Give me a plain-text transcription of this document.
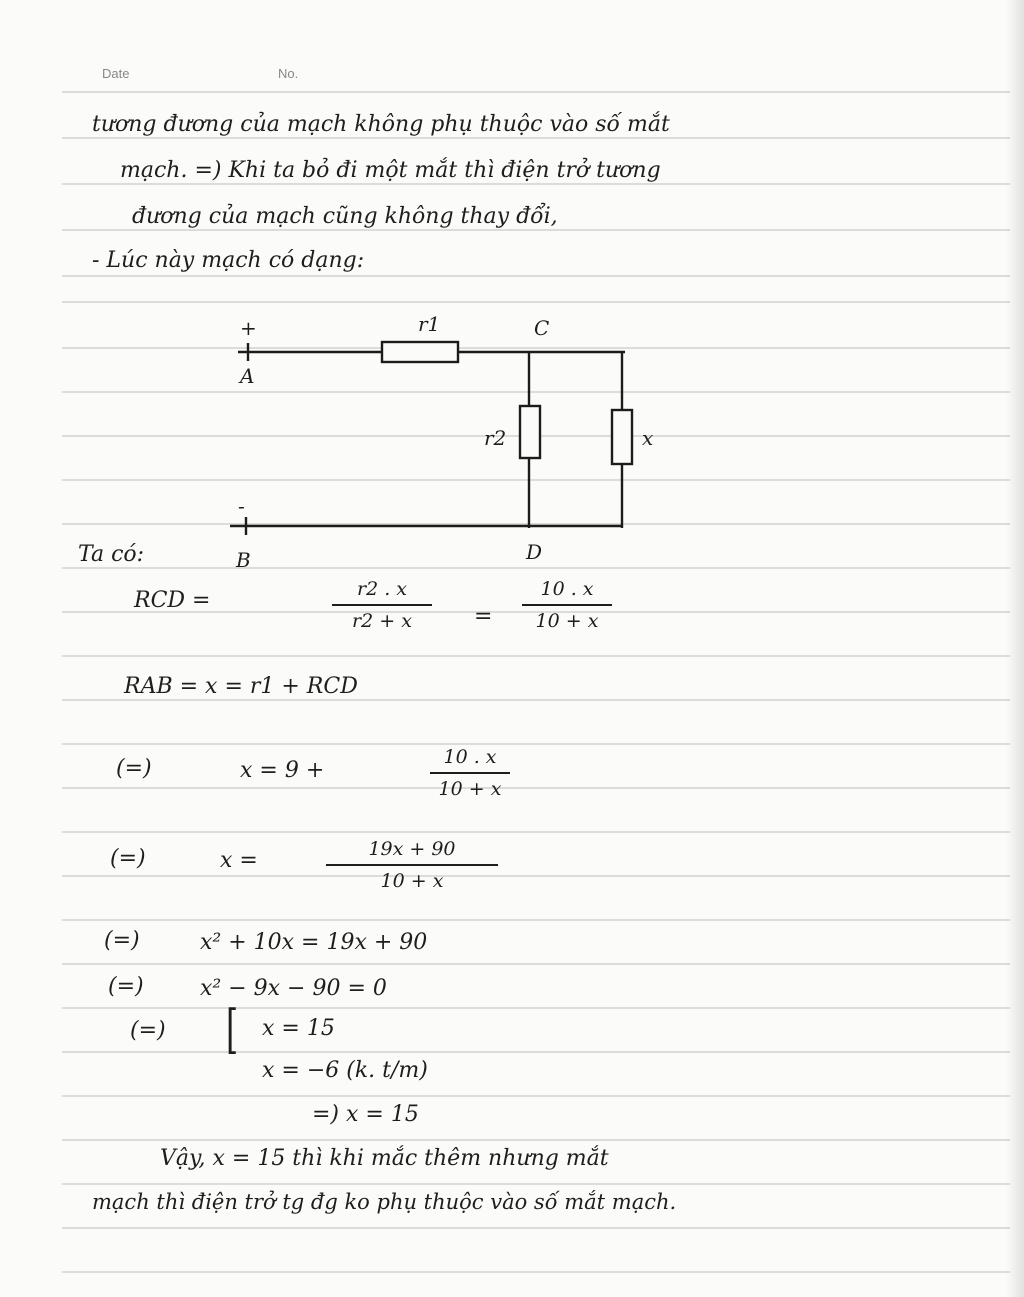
Date	No.
tương đương của mạch không phụ thuộc vào số mắt
mạch. =) Khi ta bỏ đi một mắt thì điện trở tương
đương của mạch cũng không thay đổi,
- Lúc này mạch có dạng:
+
A
r1	C
r2	x
-
B	D
Ta có:
RCD =	r2 . x
r2 + x	=
10 . x
10 + x
RAB = x = r1 + RCD
(=)	x = 9 +
10 . x
10 + x
(=)	x =	19x + 90
10 + x
(=)	x² + 10x = 19x + 90
(=)	x² − 9x − 90 = 0
(=) [ x = 15
x = −6 (k. t/m)
=) x = 15
Vậy, x = 15 thì khi mắc thêm nhưng mắt
mạch thì điện trở tg đg ko phụ thuộc vào số mắt mạch.
